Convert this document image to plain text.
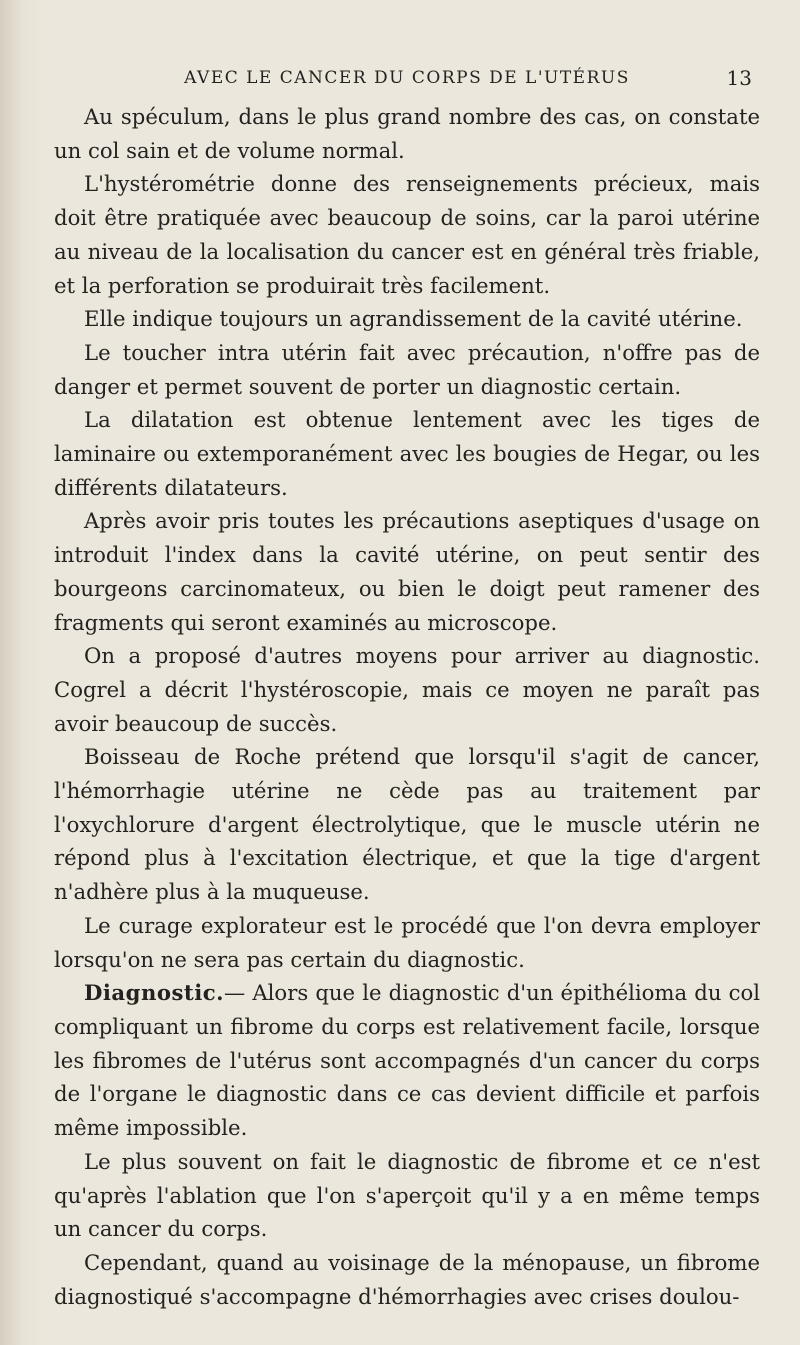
AVEC LE CANCER DU CORPS DE L'UTÉRUS	13

Au spéculum, dans le plus grand nombre des cas, on constate un col sain et de volume normal.

L'hystérométrie donne des renseignements précieux, mais doit être pratiquée avec beaucoup de soins, car la paroi utérine au niveau de la localisation du cancer est en général très friable, et la perforation se produirait très facilement.

Elle indique toujours un agrandissement de la cavité utérine.

Le toucher intra utérin fait avec précaution, n'offre pas de danger et permet souvent de porter un diagnostic certain.

La dilatation est obtenue lentement avec les tiges de laminaire ou extemporanément avec les bougies de Hegar, ou les différents dilatateurs.

Après avoir pris toutes les précautions aseptiques d'usage on introduit l'index dans la cavité utérine, on peut sentir des bourgeons carcinomateux, ou bien le doigt peut ramener des fragments qui seront examinés au microscope.

On a proposé d'autres moyens pour arriver au diagnostic. Cogrel a décrit l'hystéroscopie, mais ce moyen ne paraît pas avoir beaucoup de succès.

Boisseau de Roche prétend que lorsqu'il s'agit de cancer, l'hémorrhagie utérine ne cède pas au traitement par l'oxychlorure d'argent électrolytique, que le muscle utérin ne répond plus à l'excitation électrique, et que la tige d'argent n'adhère plus à la muqueuse.

Le curage explorateur est le procédé que l'on devra employer lorsqu'on ne sera pas certain du diagnostic.

Diagnostic.— Alors que le diagnostic d'un épithélioma du col compliquant un fibrome du corps est relativement facile, lorsque les fibromes de l'utérus sont accompagnés d'un cancer du corps de l'organe le diagnostic dans ce cas devient difficile et parfois même impossible.

Le plus souvent on fait le diagnostic de fibrome et ce n'est qu'après l'ablation que l'on s'aperçoit qu'il y a en même temps un cancer du corps.

Cependant, quand au voisinage de la ménopause, un fibrome diagnostiqué s'accompagne d'hémorrhagies avec crises doulou-
